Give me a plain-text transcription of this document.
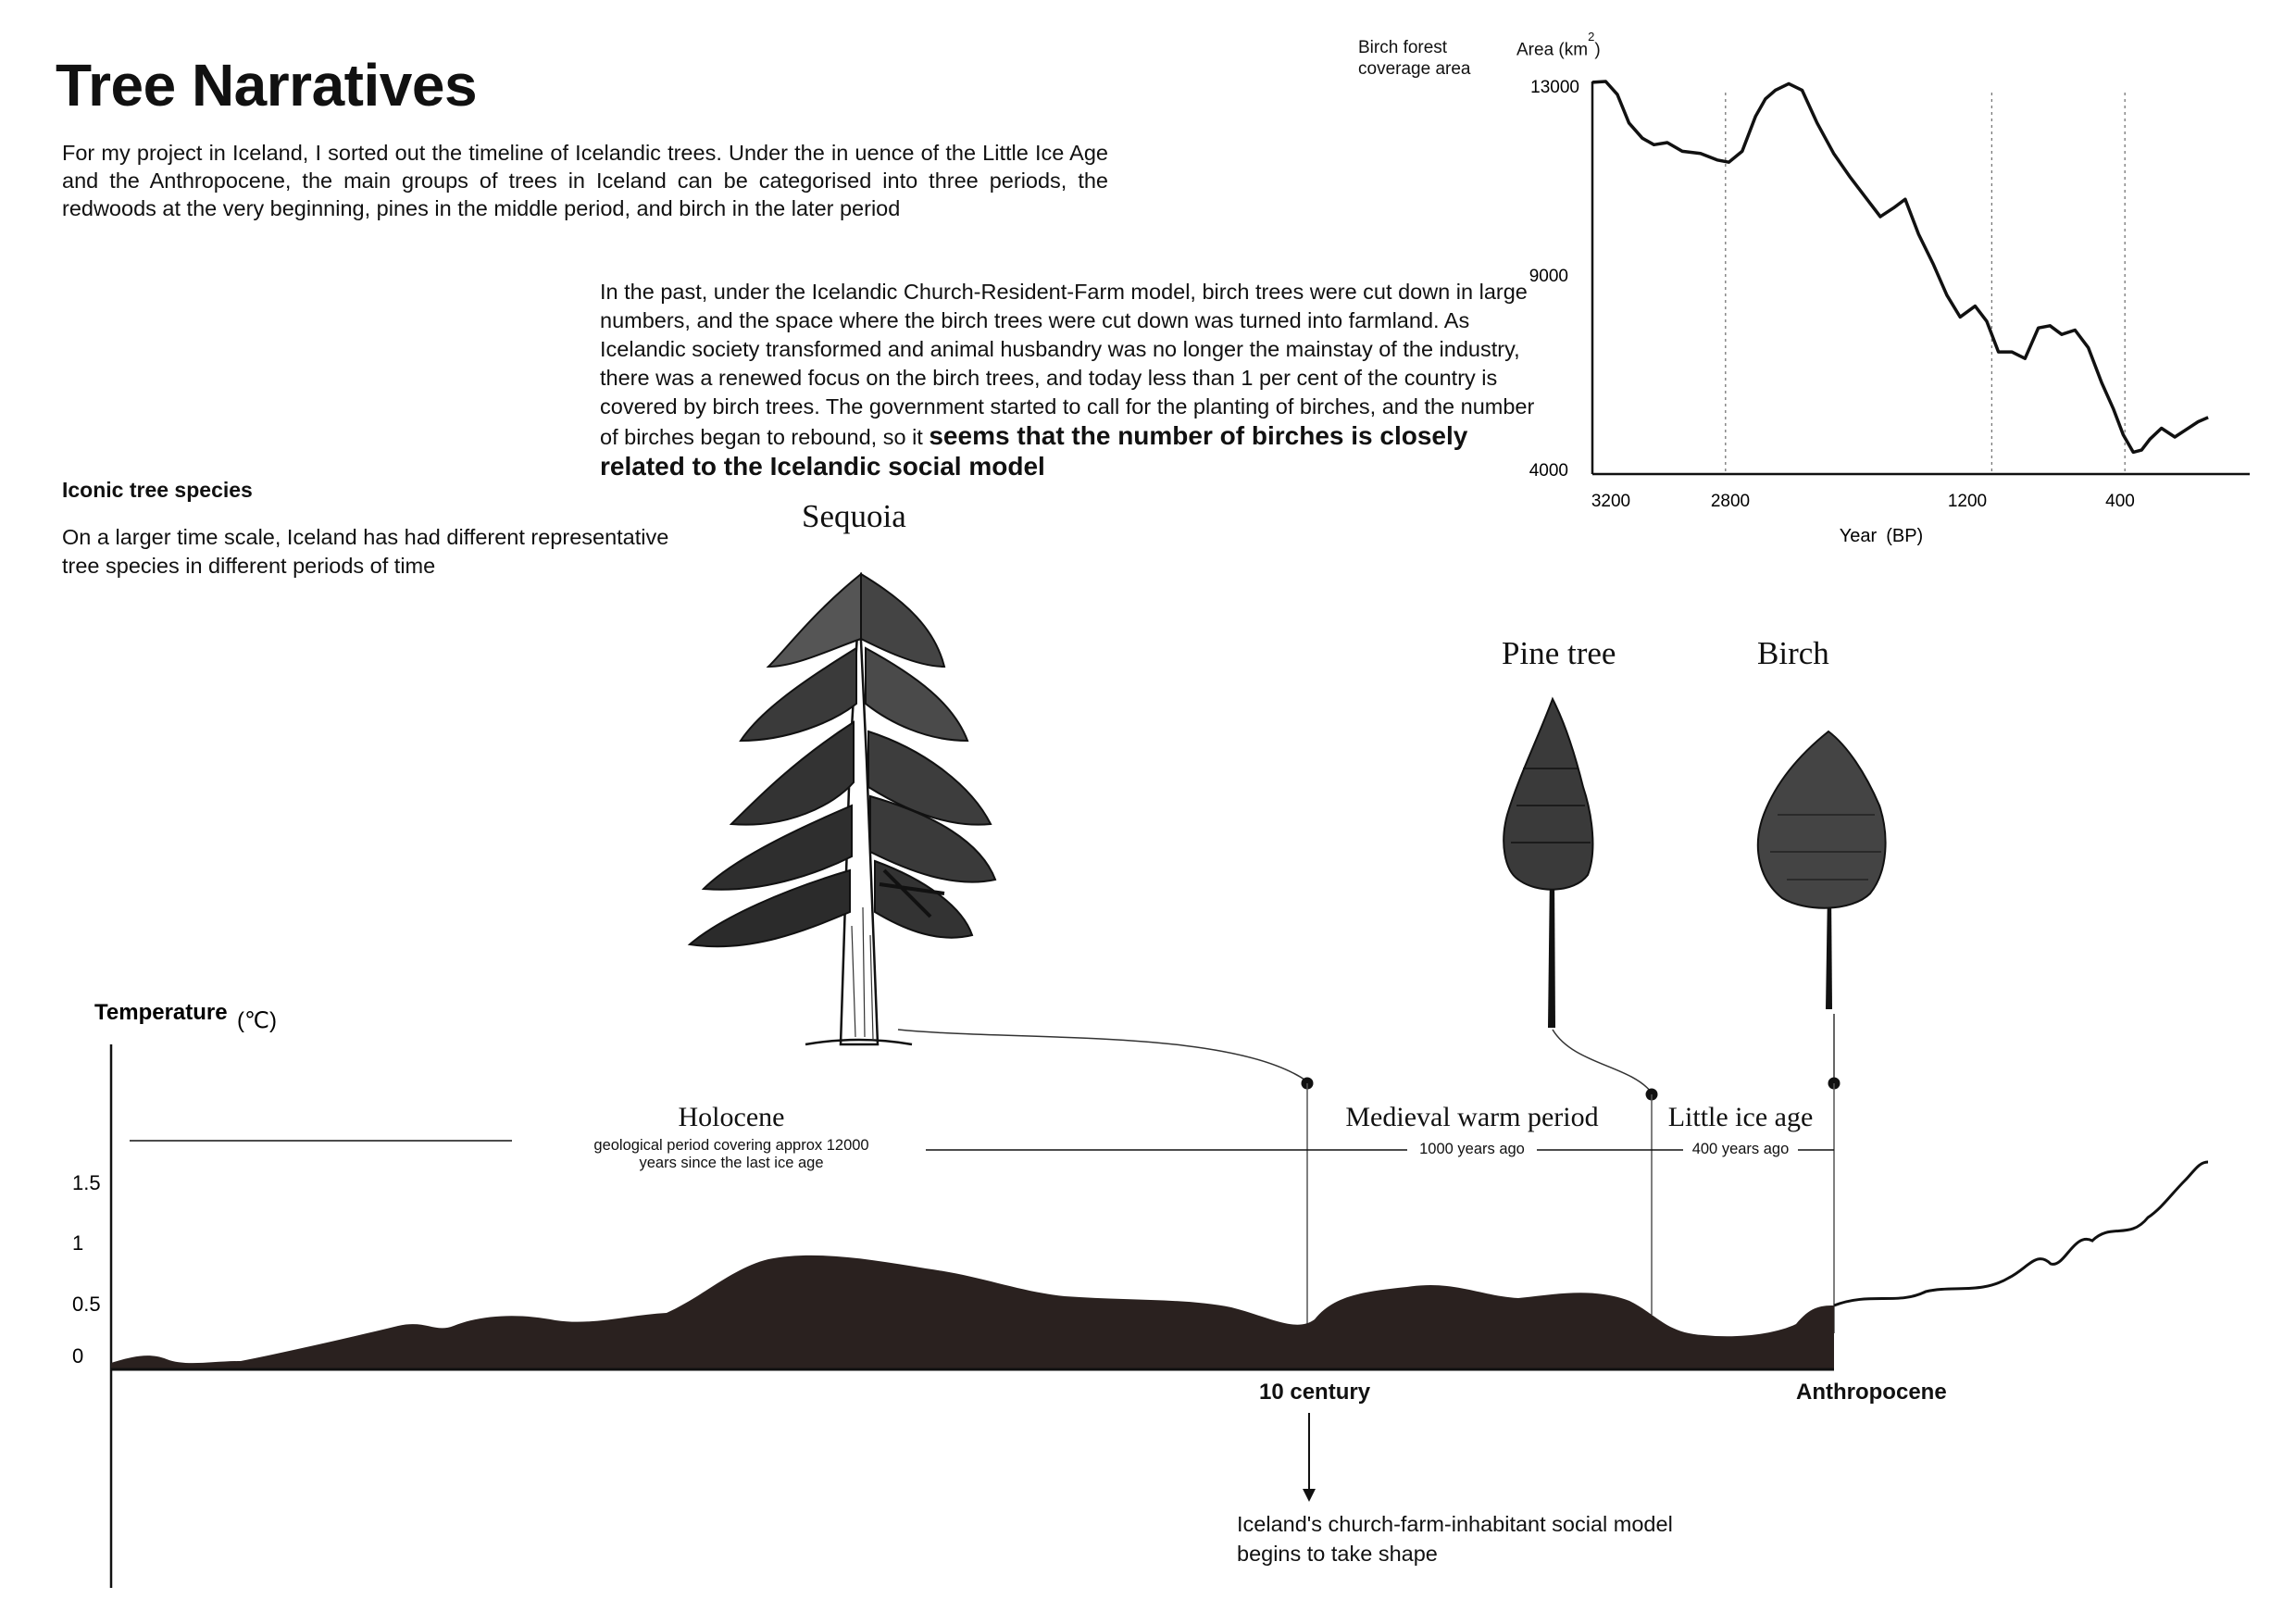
Tree Narratives

For my project in Iceland, I sorted out the timeline of Icelandic trees. Under the in uence of the Little Ice Age and the Anthropocene, the main groups of trees in Iceland can be categorised into three periods, the redwoods at the very beginning, pines in the middle period, and birch in the later period

In the past, under the Icelandic Church-Resident-Farm model, birch trees were cut down in large numbers, and the space where the birch trees were cut down was turned into farmland. As Icelandic society transformed and animal husbandry was no longer the mainstay of the industry, there was a renewed focus on the birch trees, and today less than 1 per cent of the country is covered by birch trees. The government started to call for the planting of birches, and the number of birches began to rebound, so it seems that the number of birches is closely related to the Icelandic social model

Iconic tree species

On a larger time scale, Iceland has had different representative tree species in different periods of time

Sequoia
Pine tree	Birch
Birch forest coverage area
Area $(km^2)$
13000
9000
4000
3200	2800	1200	400
Year (BP)
Temperature (℃)
1.5
1
0.5
0
Holocene
geological period covering approx 12000 years since the last ice age
Medieval warm period
1000 years ago
Little ice age
400 years ago
10 century	Anthropocene
Iceland's church-farm-inhabitant social model begins to take shape
